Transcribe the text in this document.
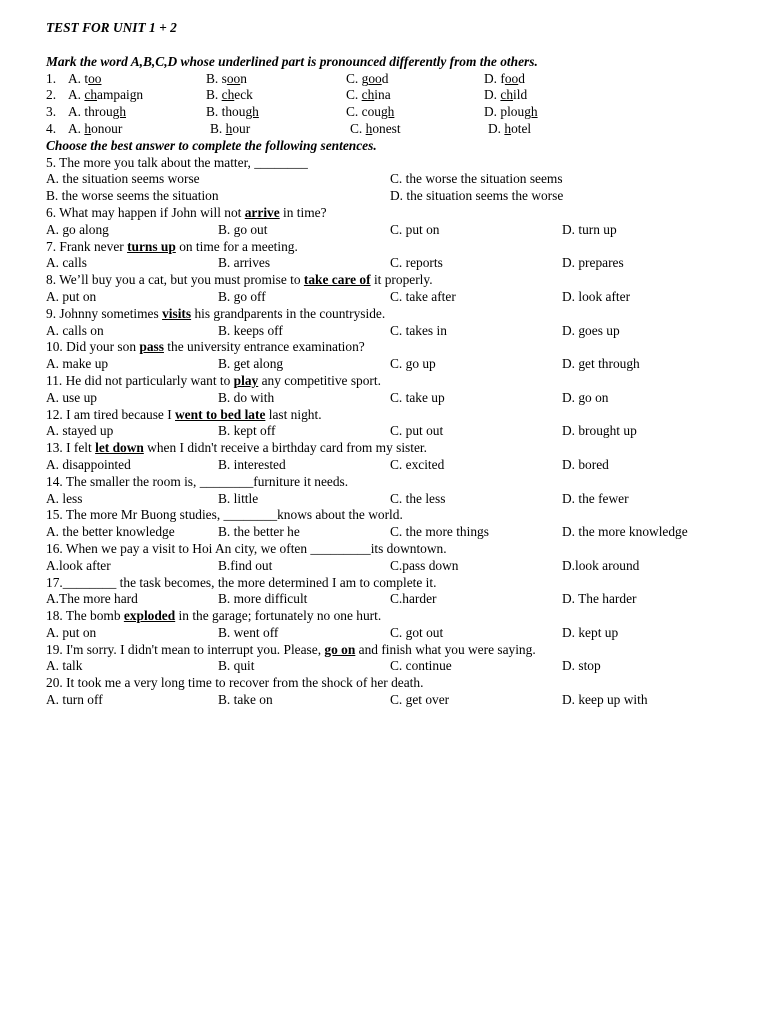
TEST FOR UNIT 1 + 2
Mark the word A,B,C,D whose underlined part is pronounced differently from the others.
1. A. too	B. soon	C. good	D. food
2. A. champaign	B. check	C. china	D. child
3. A. through	B. though	C. cough	D. plough
4. A. honour	B. hour	C. honest	D. hotel
Choose the best answer to complete the following sentences.
5. The more you talk about the matter, ________
A. the situation seems worse	C. the worse the situation seems
B. the worse seems the situation	D. the situation seems the worse
6. What may happen if John will not arrive in time?
A. go along	B. go out	C. put on	D. turn up
7. Frank never turns up on time for a meeting.
A. calls	B. arrives	C. reports	D. prepares
8. We’ll buy you a cat, but you must promise to take care of it properly.
A. put on	B. go off	C. take after	D. look after
9. Johnny sometimes visits his grandparents in the countryside.
A. calls on	B. keeps off	C. takes in	D. goes up
10. Did your son pass the university entrance examination?
A. make up	B. get along	C. go up	D. get through
11. He did not particularly want to play any competitive sport.
A. use up	B. do with	C. take up	D. go on
12. I am tired because I went to bed late last night.
A. stayed up	B. kept off	C. put out	D. brought up
13. I felt let down when I didn't receive a birthday card from my sister.
A. disappointed	B. interested	C. excited	D. bored
14. The smaller the room is, ________furniture it needs.
A. less	B. little	C. the less	D. the fewer
15. The more Mr Buong studies, ________knows about the world.
A. the better knowledge	B. the better he	C. the more things	D. the more knowledge
16. When we pay a visit to Hoi An city, we often _________its downtown.
A.look after	B.find out	C.pass down	D.look around
17.________ the task becomes, the more determined I am to complete it.
A.The more hard	B. more difficult	C.harder	D. The harder
18. The bomb exploded in the garage; fortunately no one hurt.
A. put on	B. went off	C. got out	D. kept up
19. I'm sorry. I didn't mean to interrupt you. Please, go on and finish what you were saying.
A. talk	B. quit	C. continue	D. stop
20. It took me a very long time to recover from the shock of her death.
A. turn off	B. take on	C. get over	D. keep up with
